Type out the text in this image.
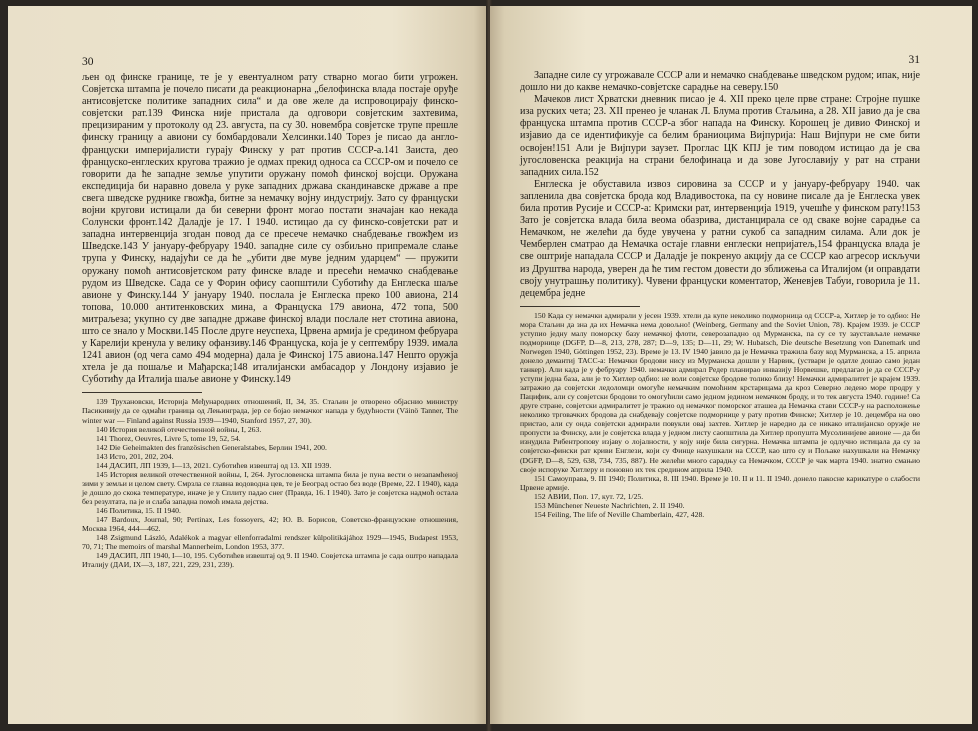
30

љен од финске границе, те је у евентуалном рату стварно могао бити угрожен. Совјетска штампа је почело писати да реакционарна „белофинска влада постаје оруђе антисовјетске политике западних сила“ и да ове желе да испровоцирају финско-совјетски рат.139 Финска није пристала да одговори совјетским захтевима, прецизираним у протоколу од 23. августа, па су 30. новембра совјетске трупе прешле финску границу а авиони су бомбардовали Хелсинки.140 Торез је писао да англо-француски империјалисти гурају Финску у рат против СССР-а.141 Заиста, део француско-енглеских кругова тражио је одмах прекид односа са СССР-ом и почело се говорити да ће западне земље упутити оружану помоћ финској војсци. Оружана експедиција би наравно довела у руке западних држава скандинавске државе а пре свега шведске руднике гвожђа, битне за немачку војну индустрију. Зато су француски војни кругови истицали да би северни фронт могао постати значајан као некада Солунски фронт.142 Даладје је 17. I 1940. истицао да су финско-совјетски рат и западна интервенција згодан повод да се пресече немачко снабдевање гвожђем из Шведске.143 У јануару-фебруару 1940. западне силе су озбиљно припремале слање трупа у Финску, надајући се да ће „убити две муве једним ударцем“ — пружити оружану помоћ антисовјетском рату финске владе и пресећи немачко снабдевање рудом из Шведске. Сада се у Форин офису саопштили Суботићу да Енглеска шаље авионе у Финску.144 У јануару 1940. послала је Енглеска преко 100 авиона, 214 топова, 10.000 антитенковских мина, а Француска 179 авиона, 472 топа, 500 митраљеза; укупно су две западне државе финској влади послале нет стотина авиона, што се знало у Москви.145 После друге неуспеха, Црвена армија је средином фебруара у Карелији кренула у велику офанзиву.146 Француска, која је у септембру 1939. имала 1241 авион (од чега само 494 модерна) дала је Финској 175 авиона.147 Нешто оружја хтела је да пошаље и Мађарска;148 италијански амбасадор у Лондону изјавио је Суботићу да Италија шаље авионе у Финску.149

139 Трухановски, Историја Међународних отношений, II, 34, 35. Стаљин је отворено објаснио министру Пасикивију да се одмаћи граница од Лењинграда, јер се бојао немачког напада у будућности (Väinö Tanner, The winter war — Finland against Russia 1939—1940, Stanford 1957, 27, 30).

140 История великой отечественной войны, I, 263.

141 Thorez, Oeuvres, Livre 5, tome 19, 52, 54.

142 Die Geheimakten des französischen Generalstabes, Берлин 1941, 200.

143 Исто, 201, 202, 204.

144 ДАСИП, ЛП 1939, I—13, 2021. Суботићев извештај од 13. XII 1939.

145 История великой отечественной войны, I, 264. Југословенска штампа била је пуна вести о незапамћеној зими у земљи и целом свету. Смрзла се главна водоводна цев, те је Београд остао без воде (Време, 22. I 1940), када је дошло до скока температуре, иначе је у Сплиту падао снег (Правда, 16. I 1940). Зато је совјетска надмоћ остала без резултата, па је и слаба западна помоћ имала дејства.

146 Политика, 15. II 1940.

147 Bardoux, Journal, 90; Pertinax, Les fossoyers, 42; Ю. В. Борисов, Советско-французские отношения, Москва 1964, 444—462.

148 Zsigmund László, Adalékok a magyar ellenforradalmi rendszer külpolitikájához 1929—1945, Budapest 1953, 70, 71; The memoirs of marshal Mannerheim, London 1953, 377.

149 ДАСИП, ЛП 1940, I—10, 195. Суботићев извештај од 9. II 1940. Совјетска штампа је сада оштро нападала Италију (ДАИ, IX—3, 187, 221, 229, 231, 239).

31

Западне силе су угрожавале СССР али и немачко снабдевање шведском рудом; ипак, није дошло ни до какве немачко-совјетске сарадње на северу.150

Мачеков лист Хрватски дневник писао је 4. XII преко целе прве стране: Стројне пушке иза руских чета; 23. XII пренео је чланак Л. Блума против Стаљина, а 28. XII јавио да је сва француска штампа против СССР-а због напада на Финску. Корошец је дивио Финској и изјавио да се идентификује са белим браниоцима Вијпурија: Наш Вијпури не сме бити освојен!151 Али је Вијпури заузет. Проглас ЦК КПЈ је тим поводом истицао да је сва југословенска реакција на страни белофинаца и да зове Југославију у рат на страни западних сила.152

Енглеска је обуставила извоз сировина за СССР и у јануару-фебруару 1940. чак запленила два совјетска брода код Владивостока, па су новине писале да је Енглеска увек била против Русије и СССР-а: Кримски рат, интервенција 1919, учешће у финском рату!153 Зато је совјетска влада била веома обазрива, дистанцирала се од сваке војне сарадње са Немачком, не желећи да буде увучена у ратни сукоб са западним силама. Али док је Чемберлен сматрао да Немачка остаје главни енглески непријатељ,154 француска влада је све оштрије нападала СССР и Даладје је покренуо акцију да се СССР као агресор искључи из Друштва народа, уверен да ће тим гестом довести до зближења са Италијом (и оправдати своју унутрашњу политику). Чувени француски коментатор, Женевјев Табуи, говорила је 11. децембра једне

150 Када су немачки адмирали у јесен 1939. хтели да купе неколико подморница од СССР-а, Хитлер је то одбио: Не мора Стаљин да зна да их Немачка нема довољно! (Weinberg, Germany and the Soviet Union, 78). Крајем 1939. је СССР уступио једну малу поморску базу немачкој флоти, северозападно од Мурманска, па су се ту заустављале немачке подморнице (DGFP, D—8, 213, 278, 287; D—9, 135; D—11, 29; W. Hubatsch, Die deutsche Besetzung von Danemark und Norwegen 1940, Göttingen 1952, 23). Време је 13. IV 1940 јавило да је Немачка тражила базу код Мурманска, а 15. априла донело демантиј ТАСС-а: Немачки бродови нису из Мурманска дошли у Нарвик, (уствари је одатле дошао само један танкер). Али када је у фебруару 1940. немачки адмирал Редер планирао инвазију Норвешке, предлагао је да се СССР-у уступи једна база, али је то Хитлер одбио: не воли совјетске бродове толико близу! Немачки адмиралитет је крајем 1939. затражио да совјетски ледоломци омогуће немачким помоћним крстарицама да кроз Северно ледено море продру у Пацифик, али су совјетски бродови то омогућили само једном једином немачком броду, и то тек августа 1940. године! Са друге стране, совјетски адмиралитет је тражио од немачког поморског аташеа да Немачка стави СССР-у на расположење неколико трговачких бродова да снабдевају совјетске подморнице у рату против Финске; Хитлер је 10. децембра на ово пристао, али су онда совјетски адмирали повукли овај захтев. Хитлер је наредио да се никако италијанско оружје не пропусти за Финску, али је совјетска влада у једном листу саопштила да Хитлер пропушта Мусолинијеве авионе — да би изнудила Рибентропову изјаву о лојалности, у коју није била сигурна. Немачка штампа је одлучно истицала да су за совјетско-фински рат криви Енглези, који су Финце нахушкали на СССР, као што су и Пољаке нахушкали на Немачку (DGFP, D—8, 529, 638, 734, 735, 887). Не желећи много сарадњу са Немачком, СССР је чак марта 1940. знатно смањио своје испоруке Хитлеру и поновно их тек средином априла 1940.

151 Самоуправа, 9. III 1940; Политика, 8. III 1940. Време је 10. II и 11. II 1940. донело пакосне карикатуре о слабости Црвене армије.

152 АВИИ, Поп. 17, кут. 72, 1/25.

153 Münchener Neueste Nachrichten, 2. II 1940.

154 Feiling, The life of Neville Chamberlain, 427, 428.
